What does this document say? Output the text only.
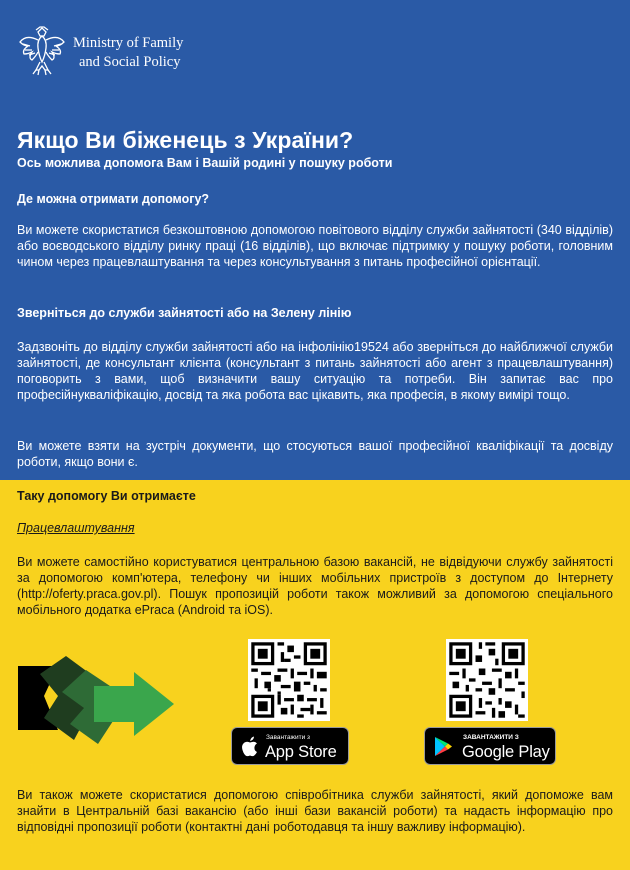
Ministry of Family
and Social Policy
Якщо Ви біженець з України?

Ось можлива допомога Вам і Вашій родині у пошуку роботи

Де можна отримати допомогу?

Ви можете скористатися безкоштовною допомогою повітового відділу служби зайнятості (340 відділів) або воєводського відділу ринку праці (16 відділів), що включає підтримку у пошуку роботи, головним чином через працевлаштування та через консультування з питань професійної орієнтації.

Зверніться до служби зайнятості або на Зелену лінію

Задзвоніть до відділу служби зайнятості або на інфолінію19524 або зверніться до найближчої служби зайнятості, де консультант клієнта (консультант з питань зайнятості або агент з працевлаштування) поговорить з вами, щоб визначити вашу ситуацію та потреби. Він запитає вас про професійнукваліфікацію, досвід та яка робота вас цікавить, яка професія, в якому вимірі тощо.

Ви можете взяти на зустріч документи, що стосуються вашої професійної кваліфікації та досвіду роботи, якщо вони є.

Таку допомогу Ви отримаєте

Працевлаштування

Ви можете самостійно користуватися центральною базою вакансій, не відвідуючи службу зайнятості за допомогою комп'ютера, телефону чи інших мобільних пристроїв з доступом до Інтернету (http://oferty.praca.gov.pl). Пошук пропозицій роботи також можливий за допомогою спеціального мобільного додатка ePraca (Android та iOS).

Завантажити з
App Store
ЗАВАНТАЖИТИ З
Google Play

Ви також можете скористатися допомогою співробітника служби зайнятості, який допоможе вам знайти в Центральній базі вакансію (або інші бази вакансій роботи) та надасть інформацію про відповідні пропозиції роботи (контактні дані роботодавця та іншу важливу інформацію).
